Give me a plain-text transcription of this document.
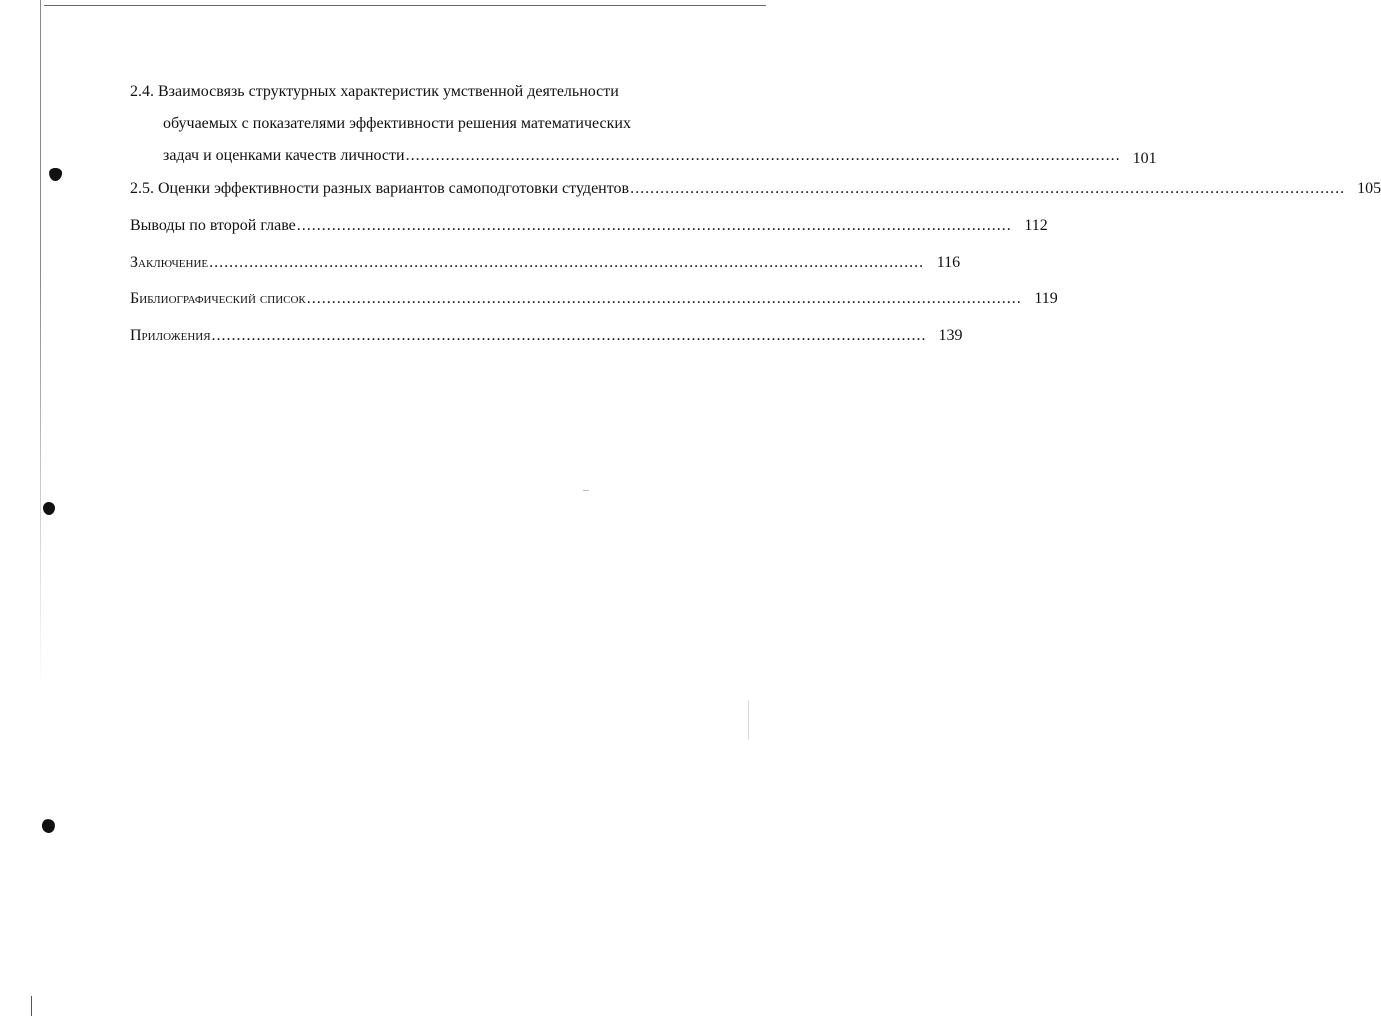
2.4. Взаимосвязь структурных характеристик умственной деятельности
обучаемых с показателями эффективности решения математических
задач и оценками качеств личности ............................................................................................................................................... 101
2.5. Оценки эффективности разных вариантов самоподготовки студентов ............................................................................................................................................... 105
Выводы по второй главе ............................................................................................................................................... 112
Заключение ............................................................................................................................................... 116
Библиографический список ............................................................................................................................................... 119
Приложения ............................................................................................................................................... 139
